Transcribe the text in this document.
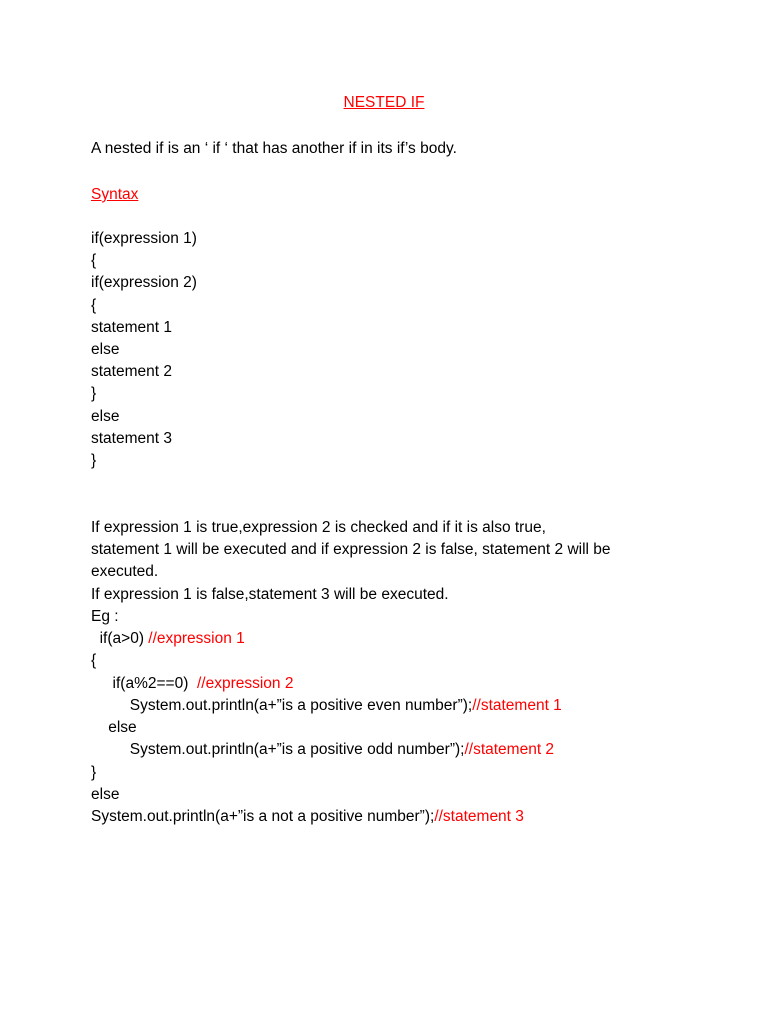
NESTED IF

A nested if is an ‘ if ‘ that has another if in its if’s body.

Syntax

if(expression 1)

{

if(expression 2)

{

statement 1

else

statement 2

}

else

statement 3

}

If expression 1 is true,expression 2 is checked and if it is also true,

statement 1 will be executed and if expression 2 is false, statement 2 will be

executed.

If expression 1 is false,statement 3 will be executed.

Eg :

if(a>0) //expression 1

{

if(a%2==0)  //expression 2

System.out.println(a+”is a positive even number”);//statement 1

else

System.out.println(a+”is a positive odd number”);//statement 2

}

else

System.out.println(a+”is a not a positive number”);//statement 3
